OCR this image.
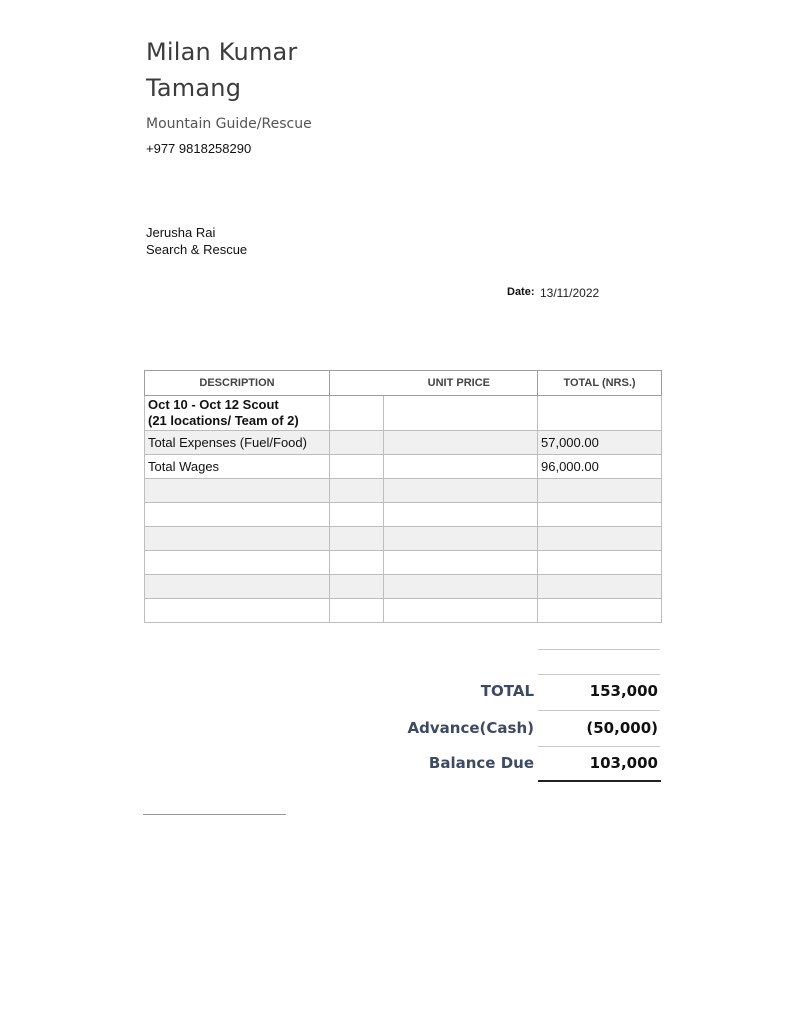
Milan Kumar
Tamang
Mountain Guide/Rescue
+977 9818258290
Jerusha Rai
Search & Rescue
Date: 13/11/2022
DESCRIPTION	UNIT PRICE		TOTAL (NRS.)

Oct 10 - Oct 12 Scout
(21 locations/ Team of 2)			

Total Expenses (Fuel/Food)			57,000.00
Total Wages			96,000.00

TOTAL	153,000
Advance(Cash)	(50,000)
Balance Due	103,000
